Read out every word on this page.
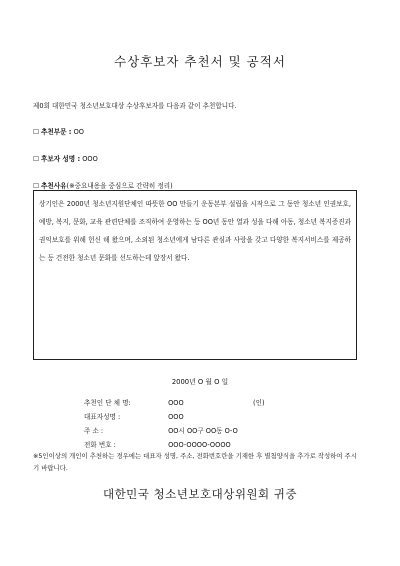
수상후보자 추천서 및 공적서
제0회 대한민국 청소년보호대상 수상후보자를 다음과 같이 추천합니다.
☐ 추천부문 : OO
☐ 후보자 성명 : OOO
☐ 추천사유(※중요내용을 중심으로 간략히 정리)
상기인은 2000년 청소년지원단체인 따뜻한 OO 만들기 운동본부 설립을 시작으로 그 동안 청소년 인권보호, 예방, 복지, 문화, 교육 관련단체를 조직하여 운영하는 등 OO년 동안 열과 성을 다해 아동, 청소년 복지증진과 권익보호를 위해 헌신 해 왔으며, 소외된 청소년에게 남다른 관심과 사랑을 갖고 다양한 복지서비스를 제공하는 등 건전한 청소년 문화를 선도하는데 앞장서 왔다.
2000년 O 월 O 일
추천인 단 체 명:	OOO	(인)
대표자성명 :	OOO
주 소 :	OO시 OO구 OO동 O-O
전화 번호 :	OOO-OOOO-OOOO
※5인이상의 개인이 추천하는 경우에는 대표자 성명, 주소, 전화번호란을 기재한 후 별첨양식을 추가로 작성하여 주시기 바랍니다.
대한민국 청소년보호대상위원회 귀중
